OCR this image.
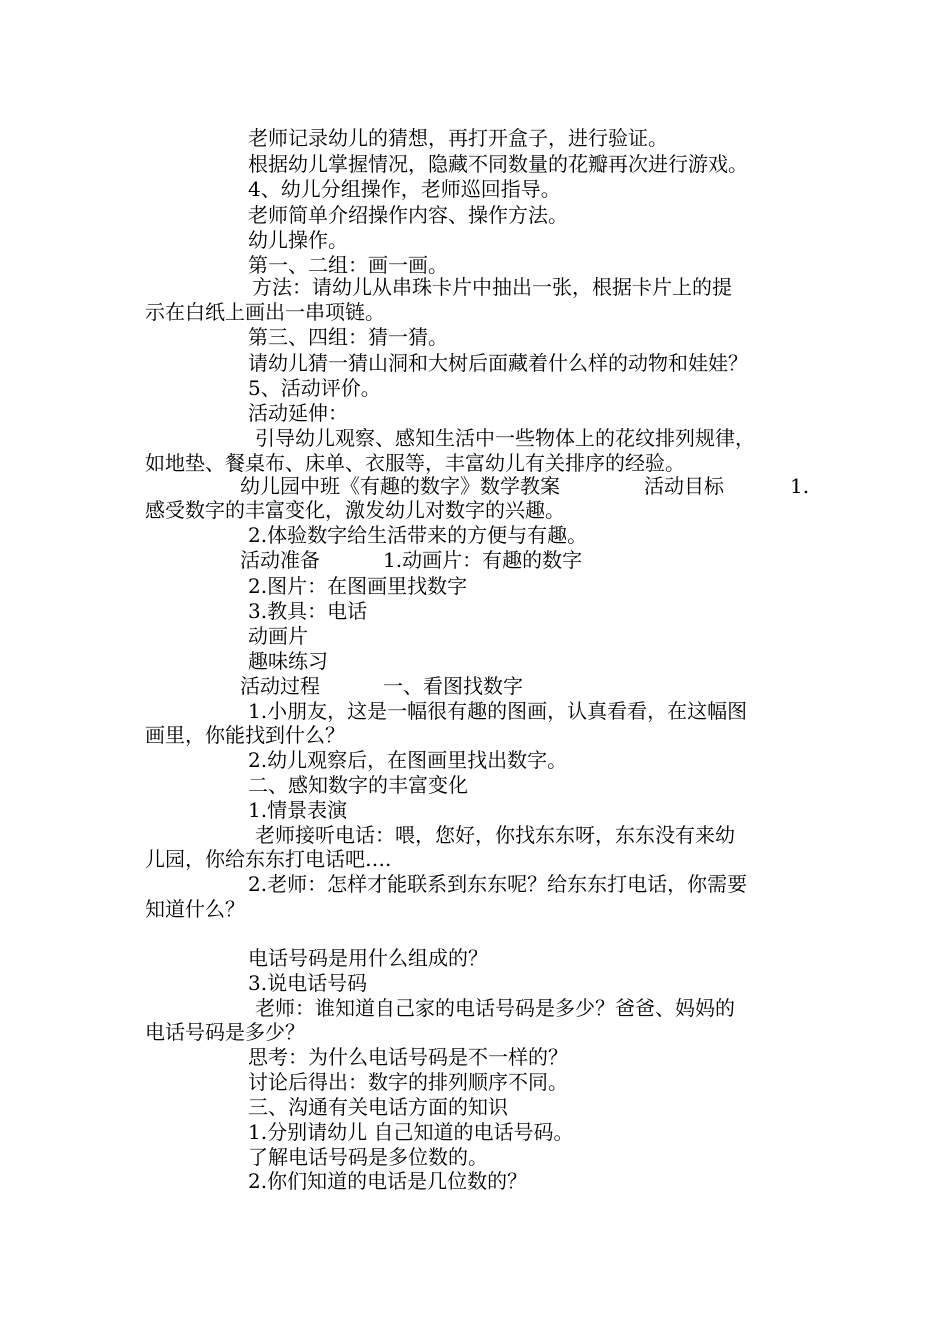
老师记录幼儿的猜想，再打开盒子，进行验证。
根据幼儿掌握情况，隐藏不同数量的花瓣再次进行游戏。
4、幼儿分组操作，老师巡回指导。
老师简单介绍操作内容、操作方法。
幼儿操作。
第一、二组：画一画。
方法：请幼儿从串珠卡片中抽出一张，根据卡片上的提
示在白纸上画出一串项链。
第三、四组：猜一猜。
请幼儿猜一猜山洞和大树后面藏着什么样的动物和娃娃？
5、活动评价。
活动延伸：
引导幼儿观察、感知生活中一些物体上的花纹排列规律，
如地垫、餐桌布、床单、衣服等，丰富幼儿有关排序的经验。
幼儿园中班《有趣的数字》数学教案	活动目标	1.
感受数字的丰富变化，激发幼儿对数字的兴趣。
2.体验数字给生活带来的方便与有趣。
活动准备	1.动画片：有趣的数字
2.图片：在图画里找数字
3.教具：电话
动画片
趣味练习
活动过程	一、看图找数字
1.小朋友，这是一幅很有趣的图画，认真看看，在这幅图
画里，你能找到什么？
2.幼儿观察后，在图画里找出数字。
二、感知数字的丰富变化
1.情景表演
老师接听电话：喂，您好，你找东东呀，东东没有来幼
儿园，你给东东打电话吧….
2.老师：怎样才能联系到东东呢？给东东打电话，你需要
知道什么？
电话号码是用什么组成的？
3.说电话号码
老师：谁知道自己家的电话号码是多少？爸爸、妈妈的
电话号码是多少？
思考：为什么电话号码是不一样的？
讨论后得出：数字的排列顺序不同。
三、沟通有关电话方面的知识
1.分别请幼儿 自己知道的电话号码。
了解电话号码是多位数的。
2.你们知道的电话是几位数的？
